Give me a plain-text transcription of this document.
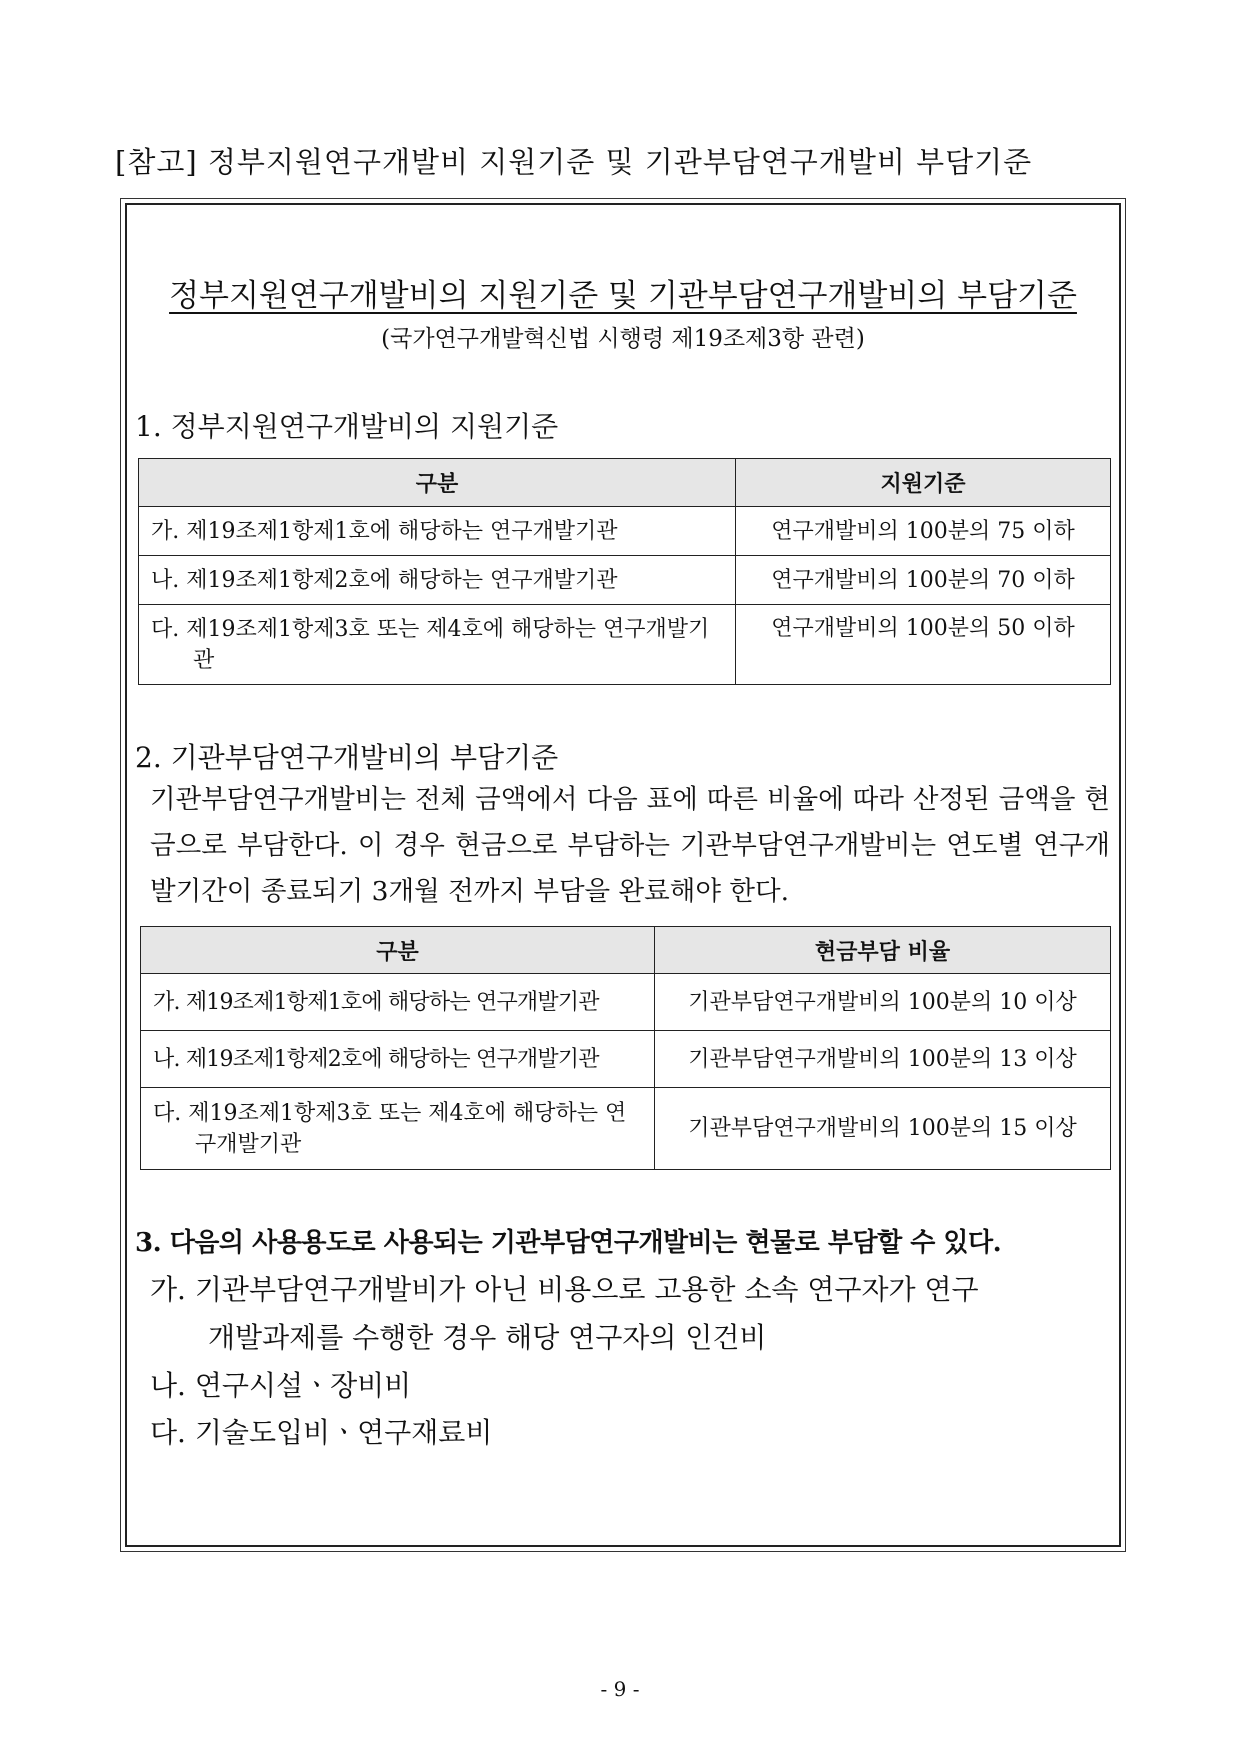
[참고] 정부지원연구개발비 지원기준 및 기관부담연구개발비 부담기준
정부지원연구개발비의 지원기준 및 기관부담연구개발비의 부담기준
(국가연구개발혁신법 시행령 제19조제3항 관련)
1. 정부지원연구개발비의 지원기준
구분	지원기준
가. 제19조제1항제1호에 해당하는 연구개발기관	연구개발비의 100분의 75 이하
나. 제19조제1항제2호에 해당하는 연구개발기관	연구개발비의 100분의 70 이하

다. 제19조제1항제3호 또는 제4호에 해당하는 연구개발기관	연구개발비의 100분의 50 이하
2. 기관부담연구개발비의 부담기준
기관부담연구개발비는 전체 금액에서 다음 표에 따른 비율에 따라 산정된 금액을 현금으로 부담한다. 이 경우 현금으로 부담하는 기관부담연구개발비는 연도별 연구개발기간이 종료되기 3개월 전까지 부담을 완료해야 한다.
구분	현금부담 비율
가. 제19조제1항제1호에 해당하는 연구개발기관	기관부담연구개발비의 100분의 10 이상
나. 제19조제1항제2호에 해당하는 연구개발기관	기관부담연구개발비의 100분의 13 이상

다. 제19조제1항제3호 또는 제4호에 해당하는 연구개발기관	기관부담연구개발비의 100분의 15 이상
3. 다음의 사용용도로 사용되는 기관부담연구개발비는 현물로 부담할 수 있다.
가. 기관부담연구개발비가 아닌 비용으로 고용한 소속 연구자가 연구
개발과제를 수행한 경우 해당 연구자의 인건비
나. 연구시설ㆍ장비비
다. 기술도입비ㆍ연구재료비
- 9 -
